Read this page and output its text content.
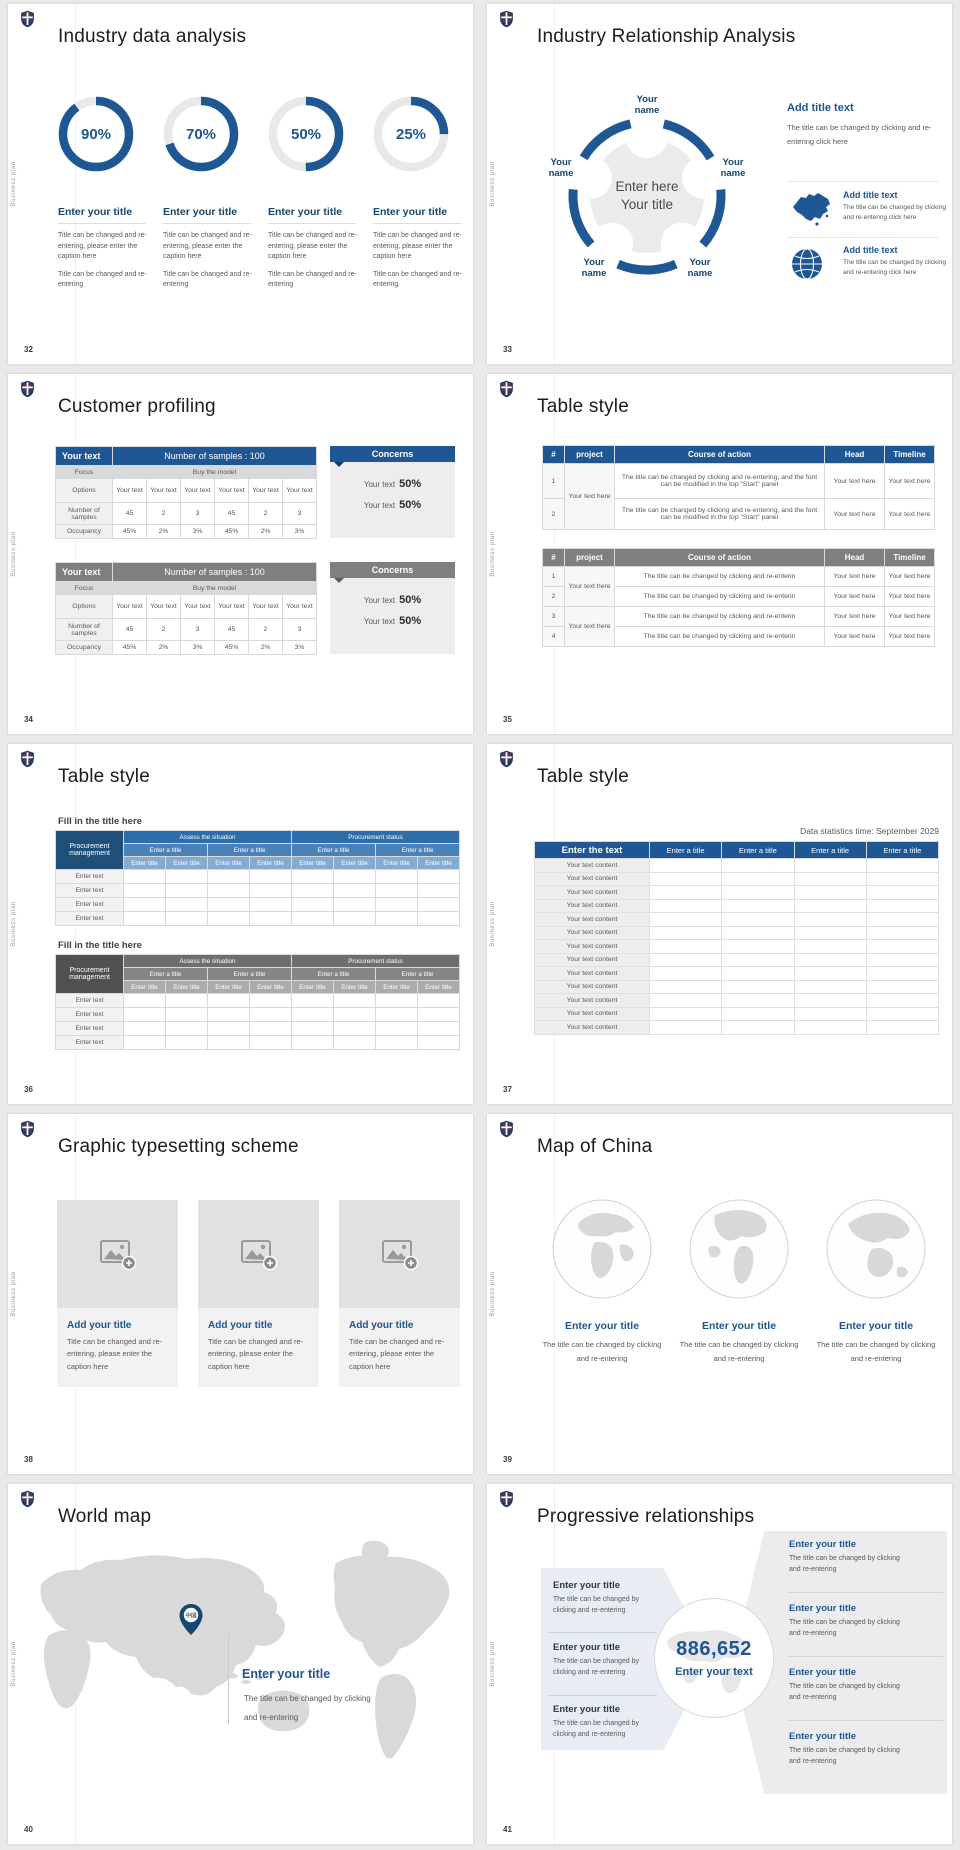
Business plan
32
Industry data analysis
90%
Enter your title
Title can be changed and re-entering, please enter the caption here
Title can be changed and re-entering
70%
Enter your title
Title can be changed and re-entering, please enter the caption here
Title can be changed and re-entering
50%
Enter your title
Title can be changed and re-entering, please enter the caption here
Title can be changed and re-entering
25%
Enter your title
Title can be changed and re-entering, please enter the caption here
Title can be changed and re-entering
Business plan
33
Industry Relationship Analysis
Your name
Your name
Your name
Your name
Your name
Enter here
Your title
Add title text
The title can be changed by clicking and re-entering click here
Add title text
The title can be changed by clicking and re-entering click here
Add title text
The title can be changed by clicking and re-entering click here
Business plan
34
Customer profiling
Your text	Number of samples : 100					
Focus	Buy the model					
Options	Your text	Your text	Your text	Your text	Your text	Your text
Number of samples	45	2	3	45	2	3
Occupancy	45%	2%	3%	45%	2%	3%
Concerns
Your text 50%
Your text 50%
Your text	Number of samples : 100					
Focus	Buy the model					
Options	Your text	Your text	Your text	Your text	Your text	Your text
Number of samples	45	2	3	45	2	3
Occupancy	45%	2%	3%	45%	2%	3%
Concerns
Your text 50%
Your text 50%
Business plan
35
Table style
#	project	Course of action	Head	Timeline
1	Your text here	The title can be changed by clicking and re-entering, and the font can be modified in the top "Start" panel	Your text here	Your text here
2		The title can be changed by clicking and re-entering, and the font can be modified in the top "Start" panel	Your text here	Your text here
#	project	Course of action	Head	Timeline
1	Your text here	The title can be changed by clicking and re-enterin	Your text here	Your text here
2		The title can be changed by clicking and re-enterin	Your text here	Your text here
3	Your text here	The title can be changed by clicking and re-enterin	Your text here	Your text here
4		The title can be changed by clicking and re-enterin	Your text here	Your text here
Business plan
36
Table style
Fill in the title here
Procurement management	Assess the situation				Procurement status			
	Enter a title		Enter a title		Enter a title		Enter a title	
	Enter title	Enter title	Enter title	Enter title	Enter title	Enter title	Enter title	Enter title
Enter text								
Enter text								
Enter text								
Enter text								
Fill in the title here
Procurement management	Assess the situation				Procurement status			
	Enter a title		Enter a title		Enter a title		Enter a title	
	Enter title	Enter title	Enter title	Enter title	Enter title	Enter title	Enter title	Enter title
Enter text								
Enter text								
Enter text								
Enter text								
Business plan
37
Table style
Data statistics time: September 2029
Enter the text	Enter a title	Enter a title	Enter a title	Enter a title
Your text content				
Your text content				
Your text content				
Your text content				
Your text content				
Your text content				
Your text content				
Your text content				
Your text content				
Your text content				
Your text content				
Your text content				
Your text content				
Business plan
38
Graphic typesetting scheme
Add your title
Title can be changed and re-entering, please enter the caption here
Add your title
Title can be changed and re-entering, please enter the caption here
Add your title
Title can be changed and re-entering, please enter the caption here
Business plan
39
Map of China
Enter your title
The title can be changed by clicking and re-entering
Enter your title
The title can be changed by clicking and re-entering
Enter your title
The title can be changed by clicking and re-entering
Business plan
40
World map
中国
Enter your title
The title can be changed by clicking and re-entering
Business plan
41
Progressive relationships
Enter your title
The title can be changed by clicking and re-entering
Enter your title
The title can be changed by clicking and re-entering
Enter your title
The title can be changed by clicking and re-entering
Enter your title
The title can be changed by clicking and re-entering
Enter your title
The title can be changed by clicking and re-entering
Enter your title
The title can be changed by clicking and re-entering
Enter your title
The title can be changed by clicking and re-entering
886,652
Enter your text
